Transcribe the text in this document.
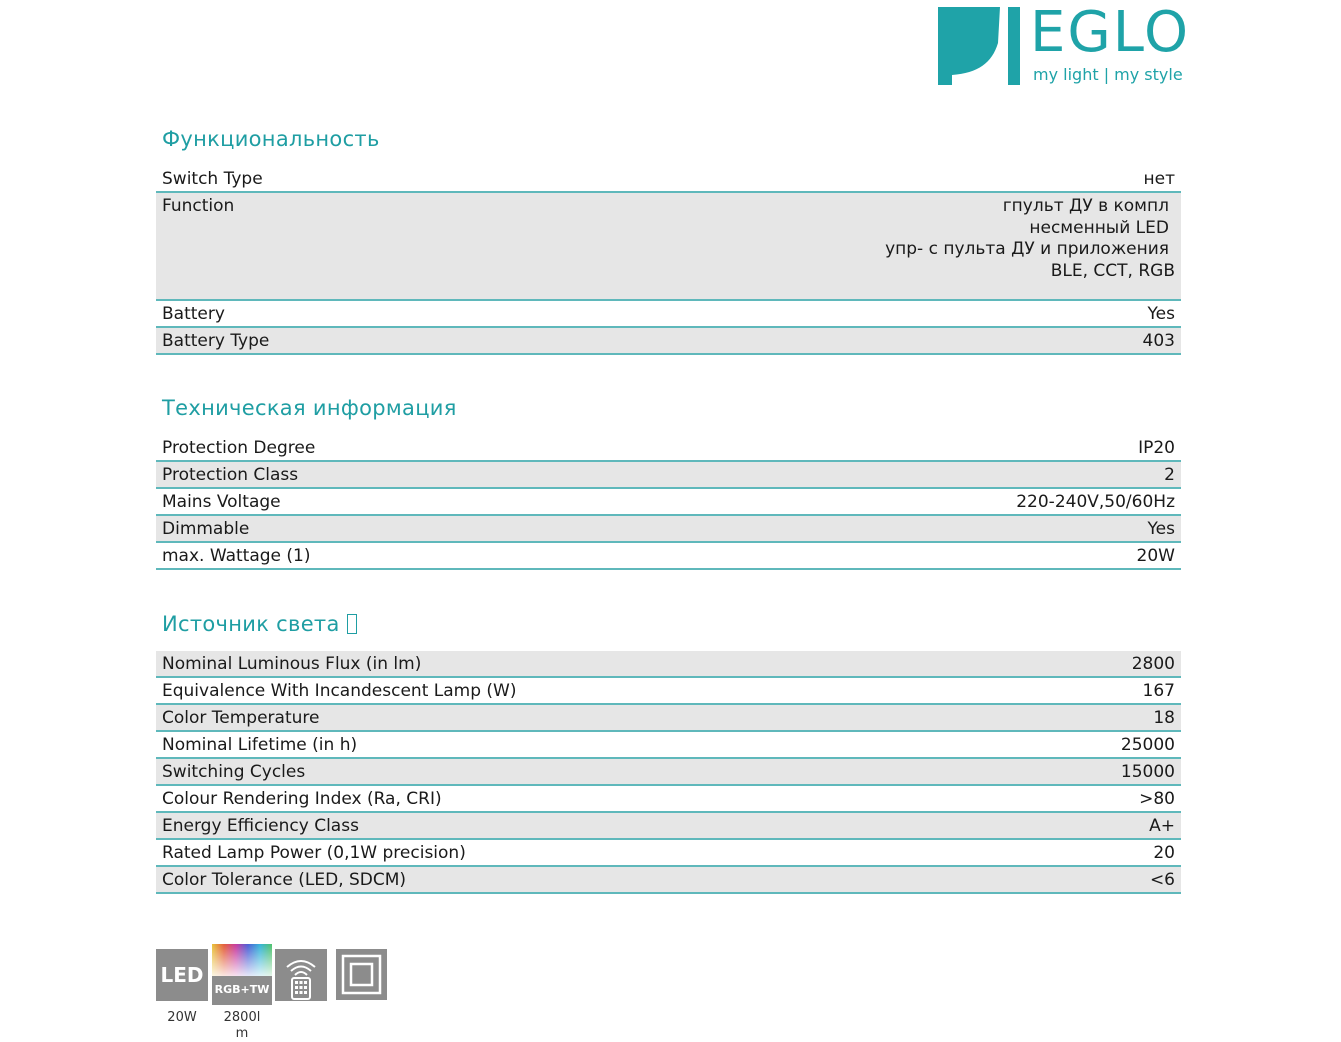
EGLO
my light | my style
Функциональность
Switch Type	нет
Function	гпульт ДУ в компл
несменный LED
упр- с пульта ДУ и приложения
BLE, CCT, RGB
Battery	Yes
Battery Type	403
Техническая информация
Protection Degree	IP20
Protection Class	2
Mains Voltage	220-240V,50/60Hz
Dimmable	Yes
max. Wattage (1)	20W
Источник света
Nominal Luminous Flux (in lm)	2800
Equivalence With Incandescent Lamp (W)	167
Color Temperature	18
Nominal Lifetime (in h)	25000
Switching Cycles	15000
Colour Rendering Index (Ra, CRI)	>80
Energy Efficiency Class	A+
Rated Lamp Power (0,1W precision)	20
Color Tolerance (LED, SDCM)	<6
LED
20W
RGB+TW
2800l
m
